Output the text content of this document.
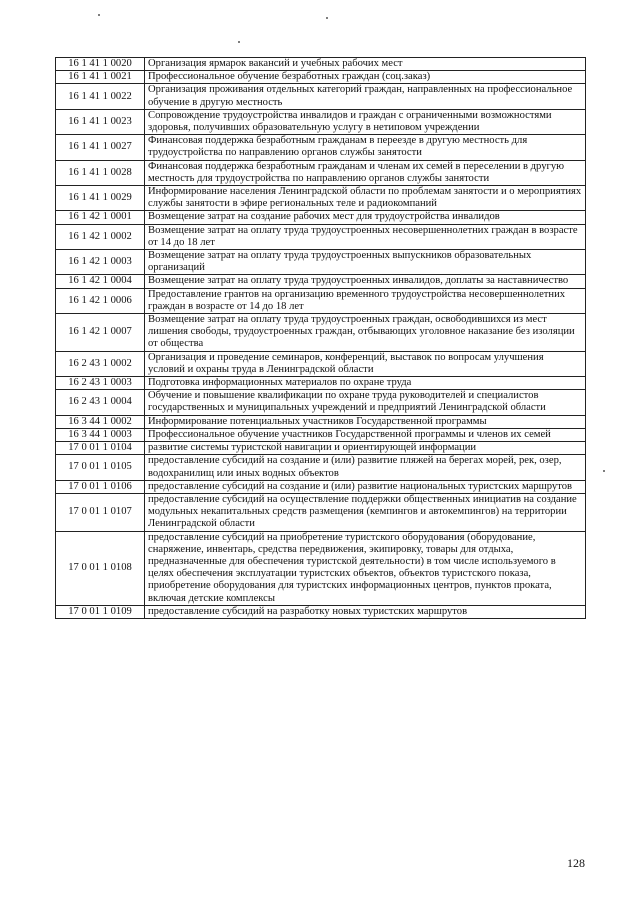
16 1 41 1 0020	Организация ярмарок вакансий и учебных рабочих мест
16 1 41 1 0021	Профессиональное обучение безработных граждан (соц.заказ)
16 1 41 1 0022	Организация проживания отдельных категорий граждан, направленных на профессиональное обучение в другую местность
16 1 41 1 0023	Сопровождение трудоустройства инвалидов и граждан с ограниченными возможностями здоровья, получивших образовательную услугу в нетиповом учреждении
16 1 41 1 0027	Финансовая поддержка безработным гражданам в переезде в другую местность для трудоустройства по направлению органов службы занятости
16 1 41 1 0028	Финансовая поддержка безработным гражданам и членам их семей в переселении в другую местность для трудоустройства по направлению органов службы занятости
16 1 41 1 0029	Информирование населения Ленинградской области по проблемам занятости и о мероприятиях службы занятости в эфире региональных теле и радиокомпаний
16 1 42 1 0001	Возмещение затрат на создание рабочих мест для трудоустройства инвалидов
16 1 42 1 0002	Возмещение затрат на оплату труда трудоустроенных несовершеннолетних граждан в возрасте от 14 до 18 лет
16 1 42 1 0003	Возмещение затрат на оплату труда трудоустроенных выпускников образовательных организаций
16 1 42 1 0004	Возмещение затрат на оплату труда трудоустроенных инвалидов, доплаты за наставничество
16 1 42 1 0006	Предоставление грантов на организацию временного трудоустройства несовершеннолетних граждан в возрасте от 14 до 18 лет
16 1 42 1 0007	Возмещение затрат на оплату труда трудоустроенных граждан, освободившихся из мест лишения свободы, трудоустроенных граждан, отбывающих уголовное наказание без изоляции от общества
16 2 43 1 0002	Организация и проведение семинаров, конференций, выставок по вопросам улучшения условий и охраны труда в Ленинградской области
16 2 43 1 0003	Подготовка информационных материалов по охране труда
16 2 43 1 0004	Обучение и повышение квалификации по охране труда руководителей и специалистов государственных и муниципальных учреждений и предприятий Ленинградской области
16 3 44 1 0002	Информирование потенциальных участников Государственной программы
16 3 44 1 0003	Профессиональное обучение участников Государственной программы и членов их семей
17 0 01 1 0104	развитие системы туристской навигации и ориентирующей информации
17 0 01 1 0105	предоставление субсидий на создание и (или) развитие пляжей на берегах морей, рек, озер, водохранилищ или иных водных объектов
17 0 01 1 0106	предоставление субсидий на создание и (или) развитие национальных туристских маршрутов
17 0 01 1 0107	предоставление субсидий на осуществление поддержки общественных инициатив на создание модульных некапитальных средств размещения (кемпингов и автокемпингов) на территории Ленинградской области
17 0 01 1 0108	предоставление субсидий на приобретение туристского оборудования (оборудование, снаряжение, инвентарь, средства передвижения, экипировку, товары для отдыха, предназначенные для обеспечения туристской деятельности) в том числе используемого в целях обеспечения эксплуатации туристских объектов, объектов туристского показа, приобретение оборудования для туристских информационных центров, пунктов проката, включая детские комплексы
17 0 01 1 0109	предоставление субсидий на разработку новых туристских маршрутов
128
